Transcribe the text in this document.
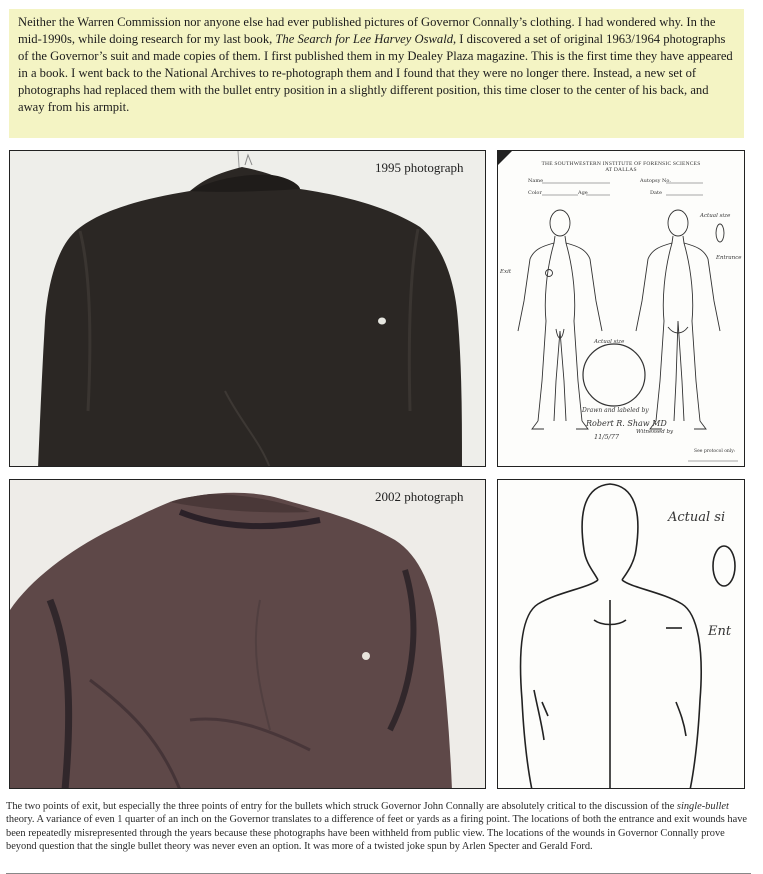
Neither the Warren Commission nor anyone else had ever published pictures of Governor Connally’s clothing. I had wondered why. In the mid-1990s, while doing research for my last book, The Search for Lee Harvey Oswald, I discovered a set of original 1963/1964 photographs of the Governor’s suit and made copies of them. I first published them in my Dealey Plaza magazine. This is the first time they have appeared in a book. I went back to the National Archives to re-photograph them and I found that they were no longer there. Instead, a new set of photographs had replaced them with the bullet entry position in a slightly different position, this time closer to the center of his back, and away from his armpit.
1995 photograph	THE SOUTHWESTERN INSTITUTE OF FORENSIC SCIENCES
AT DALLAS
Name	Autopsy No.
Color	Age	Date
Actual size
Entrance
Exit
Actual size
Drawn and labeled by
Robert R. Shaw MD
11/5/77
Witnessed by
See protocol only:
2002 photograph
Actual si
Ent
The two points of exit, but especially the three points of entry for the bullets which struck Governor John Connally are absolutely critical to the discussion of the single-bullet theory. A variance of even 1 quarter of an inch on the Governor translates to a difference of feet or yards as a firing point. The locations of both the entrance and exit wounds have been repeatedly misrepresented through the years because these photographs have been withheld from public view. The locations of the wounds in Governor Connally prove beyond question that the single bullet theory was never even an option. It was more of a twisted joke spun by Arlen Specter and Gerald Ford.
